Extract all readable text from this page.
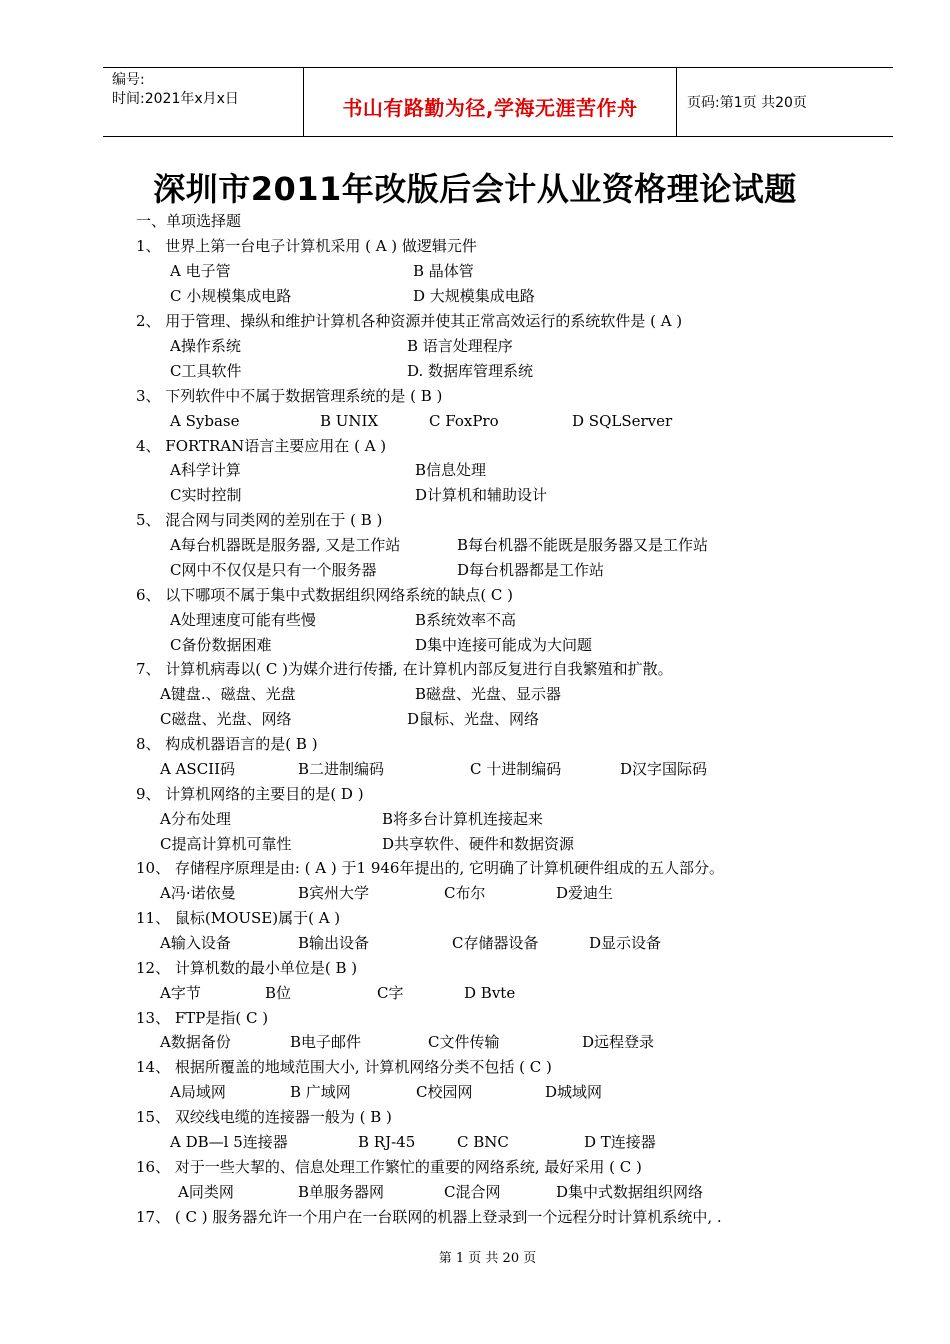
编号:
时间:2021年x月x日	书山有路勤为径,学海无涯苦作舟	页码:第1页 共20页
深圳市2011年改版后会计从业资格理论试题
一、单项选择题
1、 世界上第一台电子计算机采用 ( A ) 做逻辑元件
A 电子管	B 晶体管
C 小规模集成电路	D 大规模集成电路
2、 用于管理、操纵和维护计算机各种资源并使其正常高效运行的系统软件是 ( A )
A操作系统	B 语言处理程序
C工具软件	D. 数据库管理系统
3、 下列软件中不属于数据管理系统的是 ( B )
A Sybase	B UNIX	C FoxPro	D SQLServer
4、 FORTRAN语言主要应用在 ( A )
A科学计算	B信息处理
C实时控制	D计算机和辅助设计
5、 混合网与同类网的差别在于 ( B )
A每台机器既是服务器, 又是工作站	B每台机器不能既是服务器又是工作站
C网中不仅仅是只有一个服务器	D每台机器都是工作站
6、 以下哪项不属于集中式数据组织网络系统的缺点( C )
A处理速度可能有些慢	B系统效率不高
C备份数据困难	D集中连接可能成为大问题
7、 计算机病毒以( C )为媒介进行传播, 在计算机内部反复进行自我繁殖和扩散。
A键盘.、磁盘、光盘	B磁盘、光盘、显示器
C磁盘、光盘、网络	D鼠标、光盘、网络
8、 构成机器语言的是( B )
A ASCII码	B二进制编码	C 十进制编码	D汉字国际码
9、 计算机网络的主要目的是( D )
A分布处理	B将多台计算机连接起来
C提高计算机可靠性	D共享软件、硬件和数据资源
10、 存储程序原理是由: ( A ) 于1 946年提出的, 它明确了计算机硬件组成的五人部分。
A冯·诺依曼	B宾州大学	C布尔	D爱迪生
11、 鼠标(MOUSE)属于( A )
A输入设备	B输出设备	C存储器设备	D显示设备
12、 计算机数的最小单位是( B )
A字节	B位	C字	D Bvte
13、 FTP是指( C )
A数据备份	B电子邮件	C文件传输	D远程登录
14、 根据所覆盖的地域范围大小, 计算机网络分类不包括 ( C )
A局域网	B 广域网	C校园网	D城域网
15、 双绞线电缆的连接器一般为 ( B )
A DB—l 5连接器	B RJ-45	C BNC	D T连接器
16、 对于一些大挈的、信息处理工作繁忙的重要的网络系统, 最好采用 ( C )
A同类网	B单服务器网	C混合网	D集中式数据组织网络
17、 ( C ) 服务器允许一个用户在一台联网的机器上登录到一个远程分时计算机系统中, .
第 1 页 共 20 页
